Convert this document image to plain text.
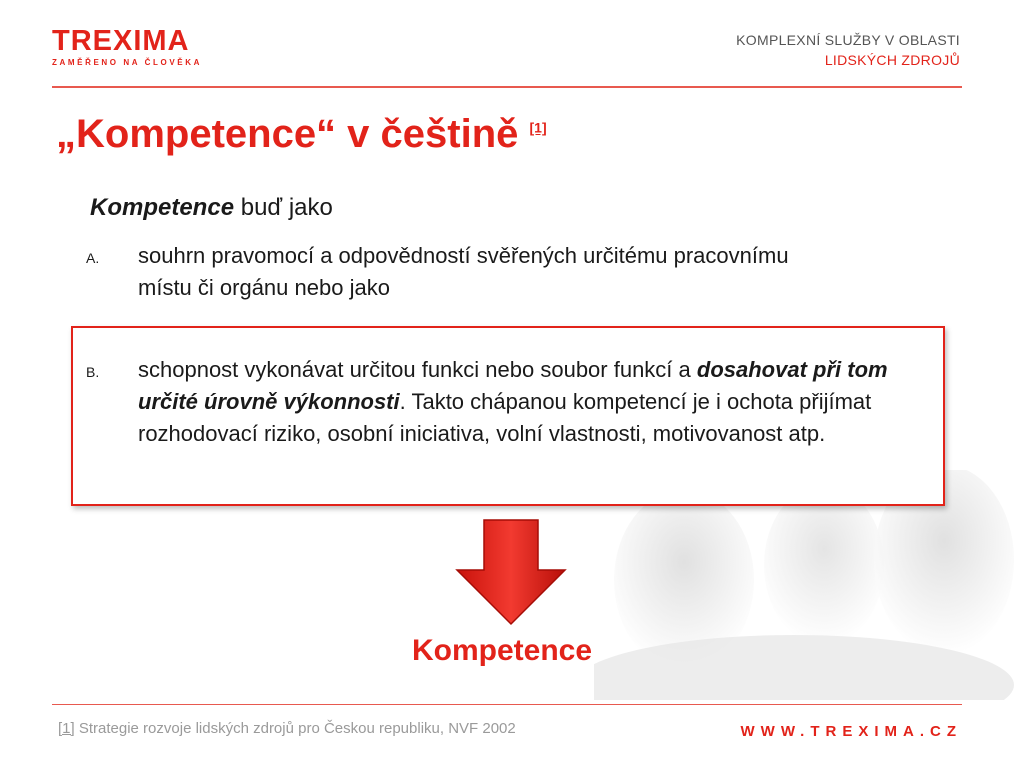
TREXIMA
ZAMĚŘENO NA ČLOVĚKA
KOMPLEXNÍ SLUŽBY V OBLASTI
LIDSKÝCH ZDROJŮ
„Kompetence“ v češtině [1]
Kompetence buď jako
A. souhrn pravomocí a odpovědností svěřených určitému pracovnímu místu či orgánu nebo jako
B. schopnost vykonávat určitou funkci nebo soubor funkcí a dosahovat při tom určité úrovně výkonnosti. Takto chápanou kompetencí je i ochota přijímat rozhodovací riziko, osobní iniciativa, volní vlastnosti, motivovanost atp.
Kompetence
[1] Strategie rozvoje lidských zdrojů pro Českou republiku, NVF 2002	WWW.TREXIMA.CZ
